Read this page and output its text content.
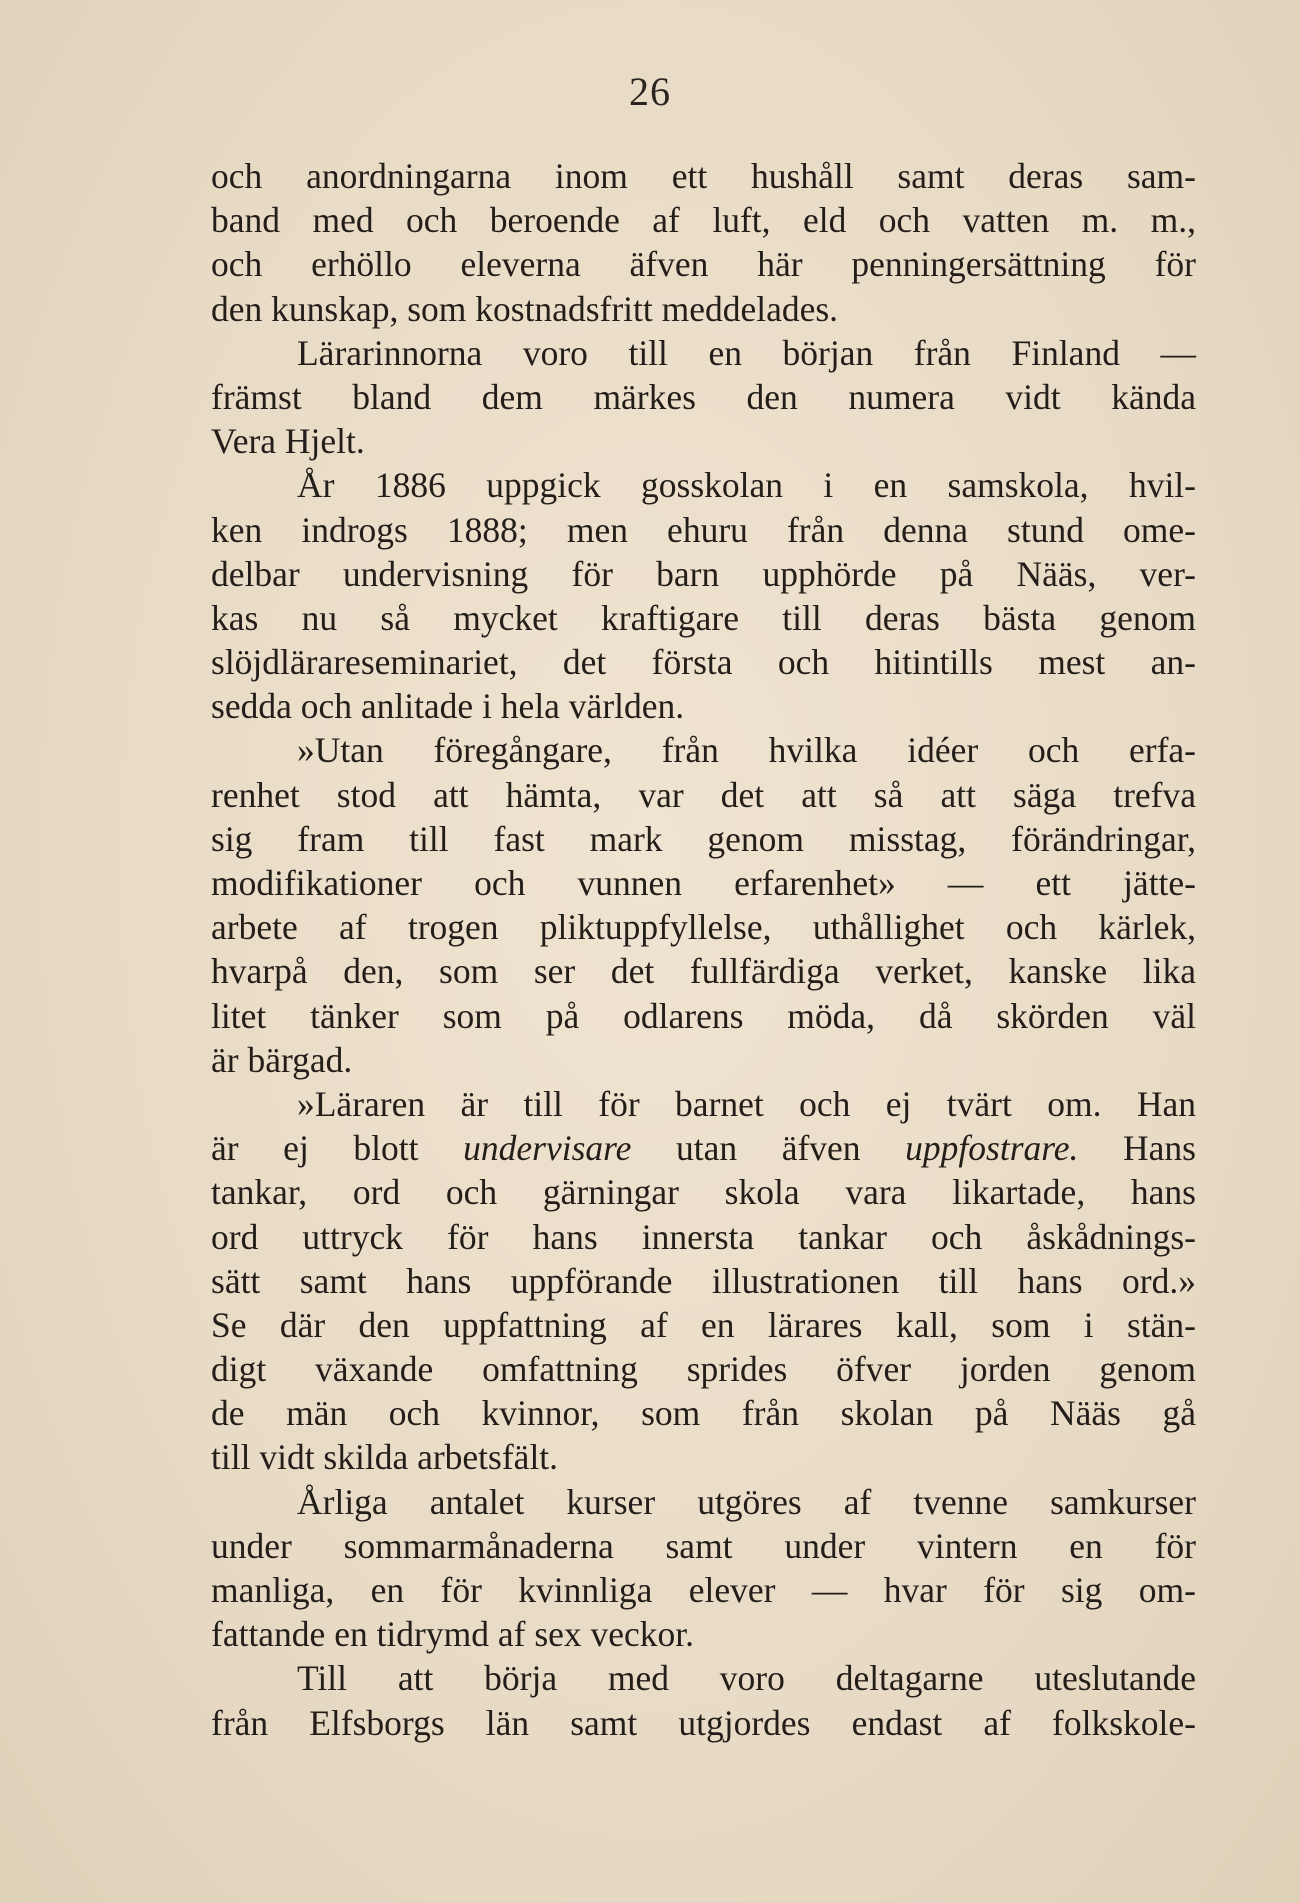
26
och anordningarna inom ett hushåll samt deras sam-
band med och beroende af luft, eld och vatten m. m.,
och erhöllo eleverna äfven här penningersättning för
den kunskap, som kostnadsfritt meddelades.
Lärarinnorna voro till en början från Finland —
främst bland dem märkes den numera vidt kända
Vera Hjelt.
År 1886 uppgick gosskolan i en samskola, hvil-
ken indrogs 1888; men ehuru från denna stund ome-
delbar undervisning för barn upphörde på Nääs, ver-
kas nu så mycket kraftigare till deras bästa genom
slöjdlärareseminariet, det första och hitintills mest an-
sedda och anlitade i hela världen.
»Utan föregångare, från hvilka idéer och erfa-
renhet stod att hämta, var det att så att säga trefva
sig fram till fast mark genom misstag, förändringar,
modifikationer och vunnen erfarenhet» — ett jätte-
arbete af trogen pliktuppfyllelse, uthållighet och kärlek,
hvarpå den, som ser det fullfärdiga verket, kanske lika
litet tänker som på odlarens möda, då skörden väl
är bärgad.
»Läraren är till för barnet och ej tvärt om. Han
är ej blott undervisare utan äfven uppfostrare. Hans
tankar, ord och gärningar skola vara likartade, hans
ord uttryck för hans innersta tankar och åskådnings-
sätt samt hans uppförande illustrationen till hans ord.»
Se där den uppfattning af en lärares kall, som i stän-
digt växande omfattning sprides öfver jorden genom
de män och kvinnor, som från skolan på Nääs gå
till vidt skilda arbetsfält.
Årliga antalet kurser utgöres af tvenne samkurser
under sommarmånaderna samt under vintern en för
manliga, en för kvinnliga elever — hvar för sig om-
fattande en tidrymd af sex veckor.
Till att börja med voro deltagarne uteslutande
från Elfsborgs län samt utgjordes endast af folkskole-
